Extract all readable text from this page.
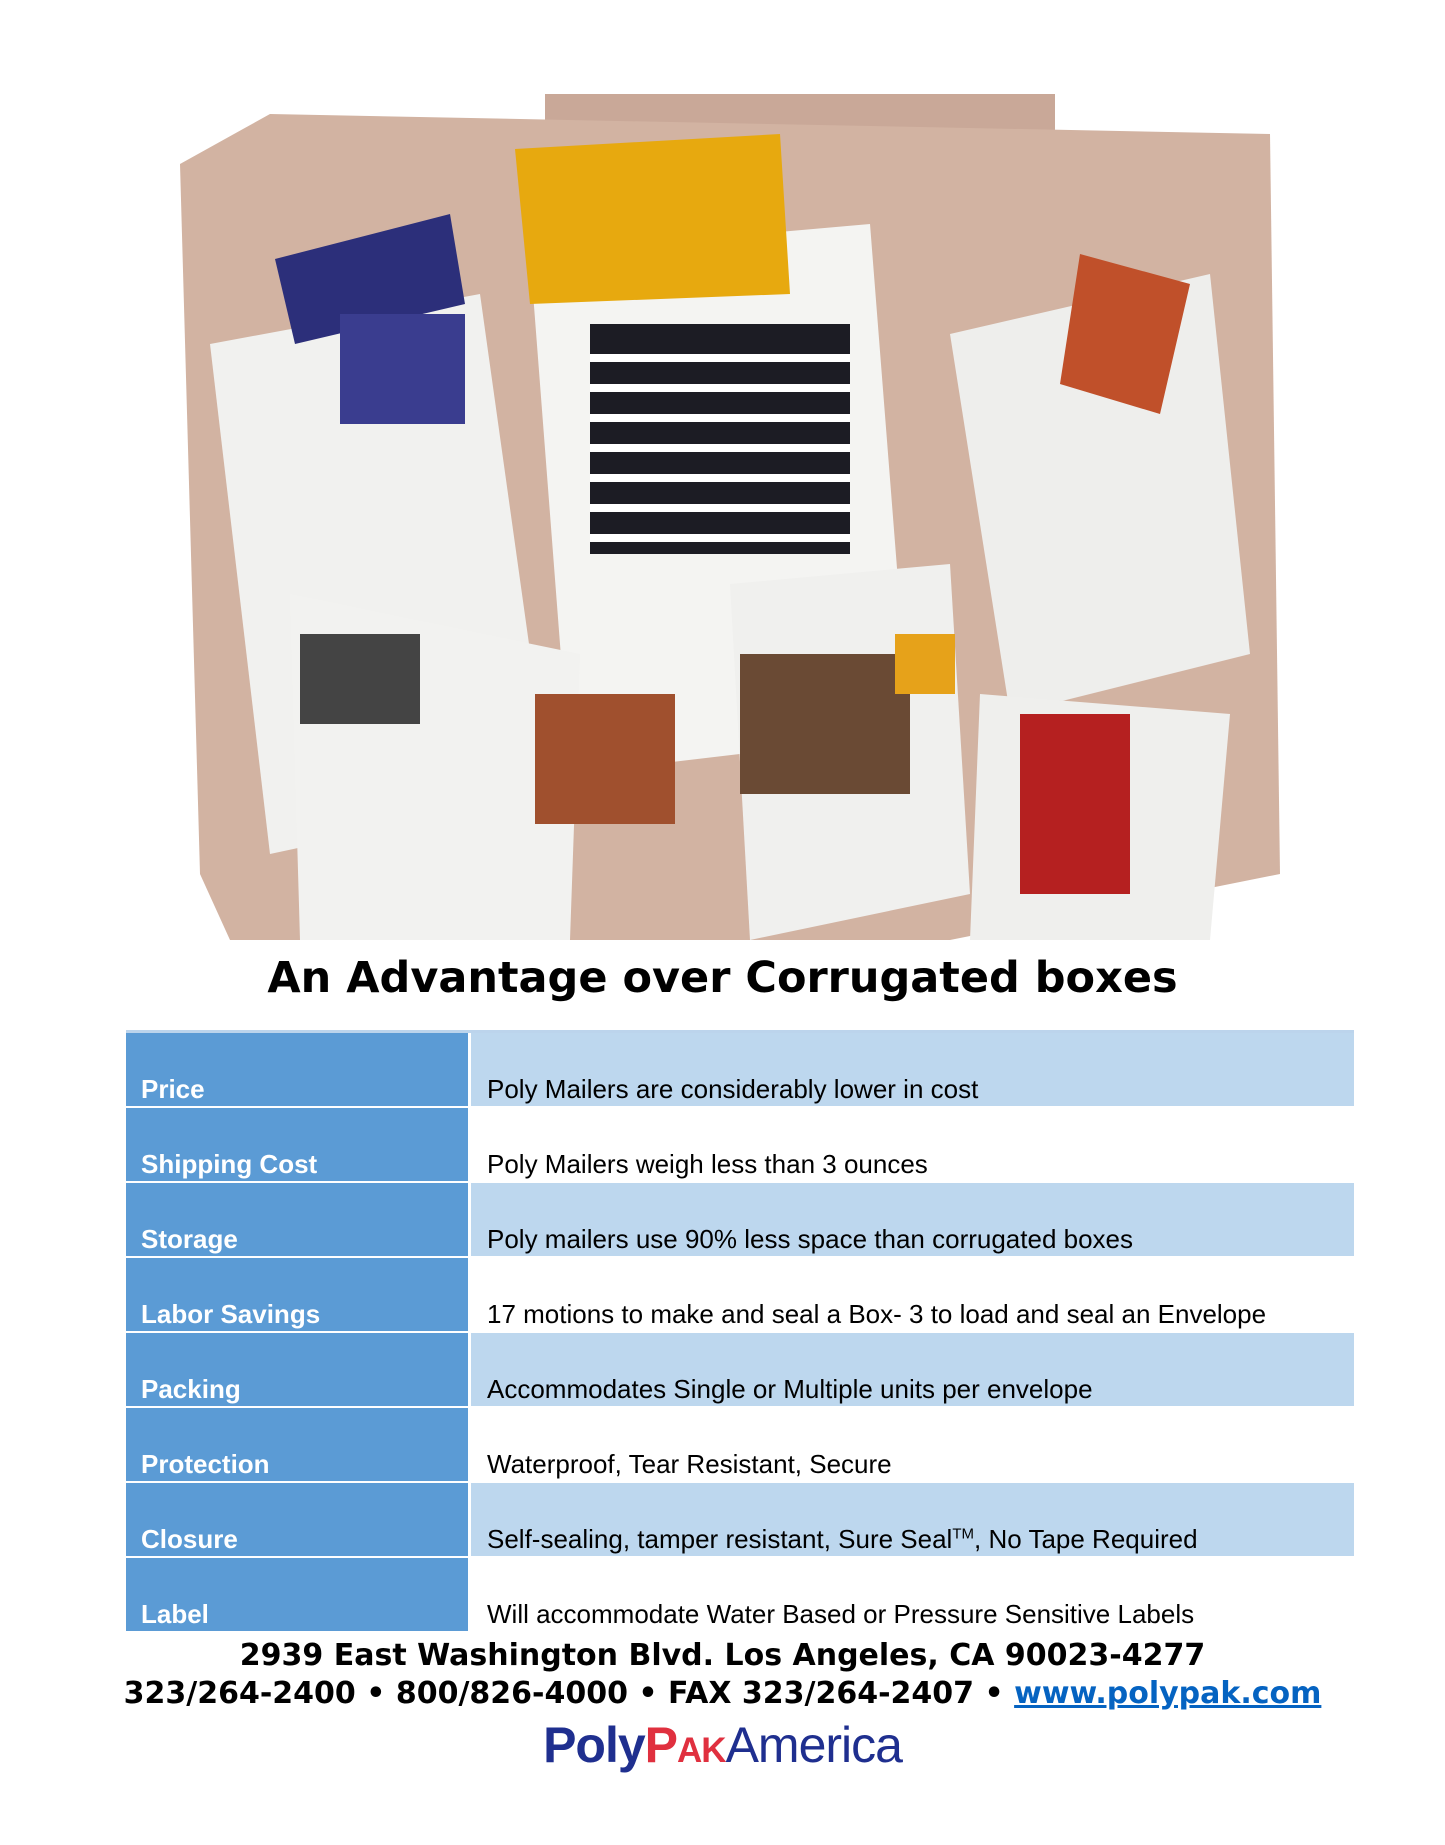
An Advantage over Corrugated boxes
Price	Poly Mailers are considerably lower in cost
Shipping Cost	Poly Mailers weigh less than 3 ounces
Storage	Poly mailers use 90% less space than corrugated boxes
Labor Savings	17 motions to make and seal a Box- 3 to load and seal an Envelope
Packing	Accommodates Single or Multiple units per envelope
Protection	Waterproof, Tear Resistant, Secure
Closure	Self-sealing, tamper resistant, Sure Seal™, No Tape Required
Label	Will accommodate Water Based or Pressure Sensitive Labels
2939 East Washington Blvd. Los Angeles, CA 90023-4277
323/264-2400 • 800/826-4000 • FAX 323/264-2407 • www.polypak.com
PolyPakAmerica
